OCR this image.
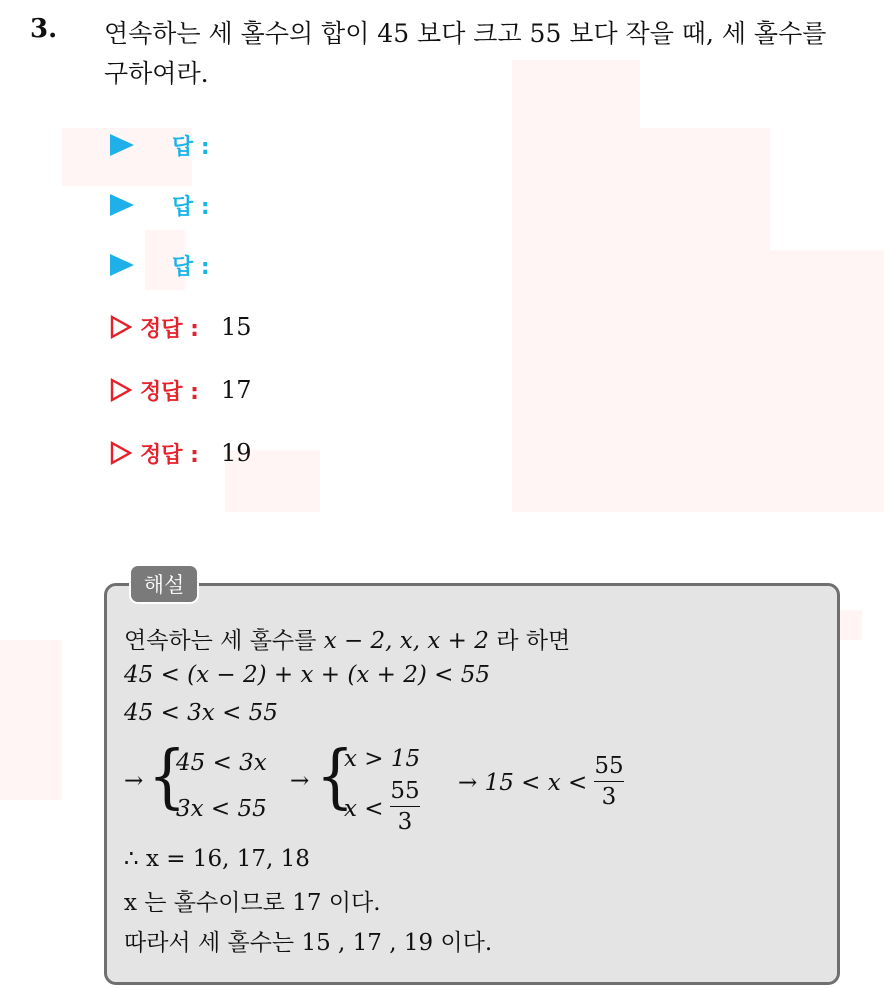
3. 연속하는 세 홀수의 합이 45 보다 크고 55 보다 작을 때, 세 홀수를
구하여라.
답 :
답 :
답 :
정답 : 15
정답 : 17
정답 : 19
해설
연속하는 세 홀수를 x − 2, x, x + 2 라 하면
45 < (x − 2) + x + (x + 2) < 55
45 < 3x < 55
→ {
45 < 3x
3x < 55
→ {
x > 15
x <
55
3
→ 15 < x <
55
3
∴ x = 16, 17, 18
x 는 홀수이므로 17 이다.
따라서 세 홀수는 15 , 17 , 19 이다.
